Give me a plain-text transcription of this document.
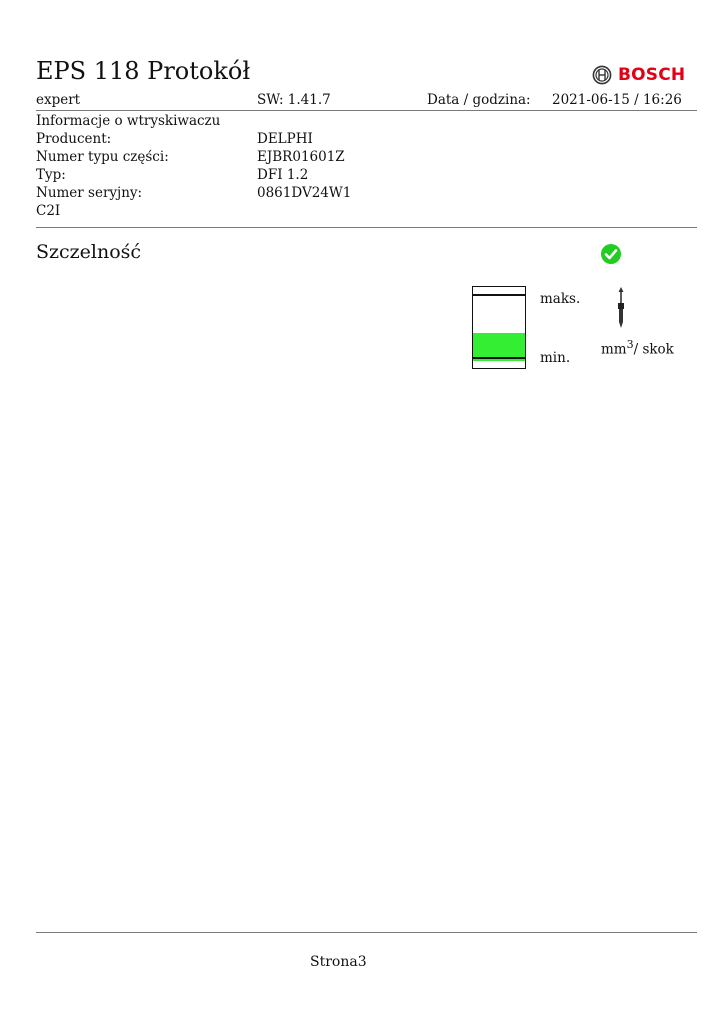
EPS 118 Protokół	BOSCH
expert	SW: 1.41.7	Data / godzina: 2021-06-15 / 16:26
Informacje o wtryskiwaczu
Producent:	DELPHI
Numer typu części:	EJBR01601Z
Typ:	DFI 1.2
Numer seryjny:	0861DV24W1
C2I
Szczelność
maks.
min.
$mm^3/$ skok
Strona3
